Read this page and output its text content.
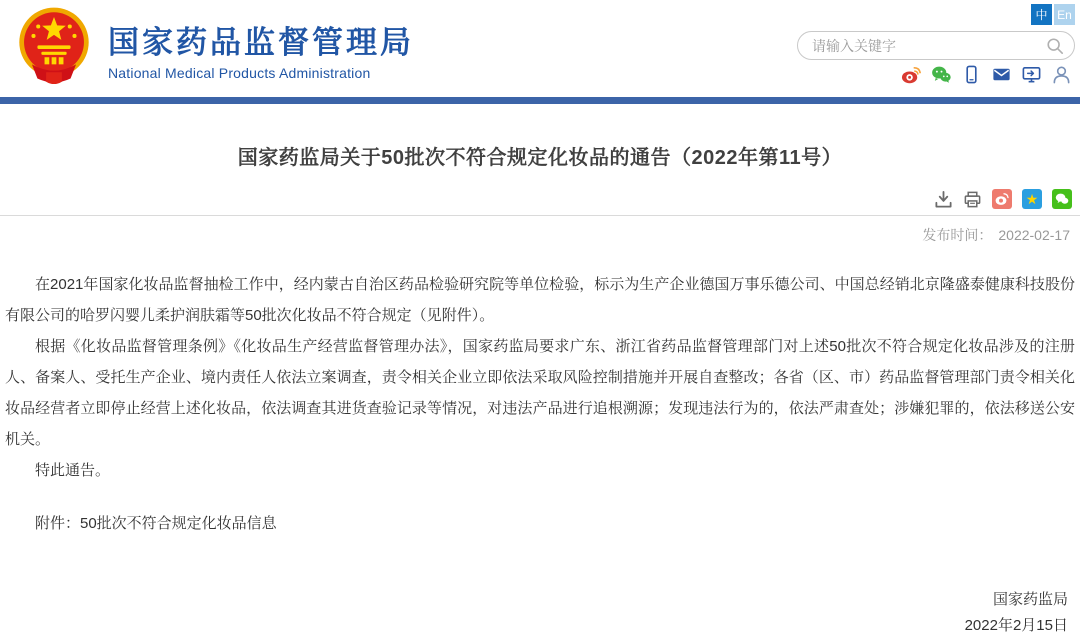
国家药品监督管理局
National Medical Products Administration
中 En
请输入关键字
国家药监局关于50批次不符合规定化妆品的通告（2022年第11号）
★
发布时间： 2022-02-17

在2021年国家化妆品监督抽检工作中，经内蒙古自治区药品检验研究院等单位检验，标示为生产企业德国万事乐德公司、中国总经销北京隆盛泰健康科技股份有限公司的哈罗闪婴儿柔护润肤霜等50批次化妆品不符合规定（见附件）。

根据《化妆品监督管理条例》《化妆品生产经营监督管理办法》，国家药监局要求广东、浙江省药品监督管理部门对上述50批次不符合规定化妆品涉及的注册人、备案人、受托生产企业、境内责任人依法立案调查，责令相关企业立即依法采取风险控制措施并开展自查整改；各省（区、市）药品监督管理部门责令相关化妆品经营者立即停止经营上述化妆品，依法调查其进货查验记录等情况，对违法产品进行追根溯源；发现违法行为的，依法严肃查处；涉嫌犯罪的，依法移送公安机关。

特此通告。

附件：50批次不符合规定化妆品信息

国家药监局
2022年2月15日
